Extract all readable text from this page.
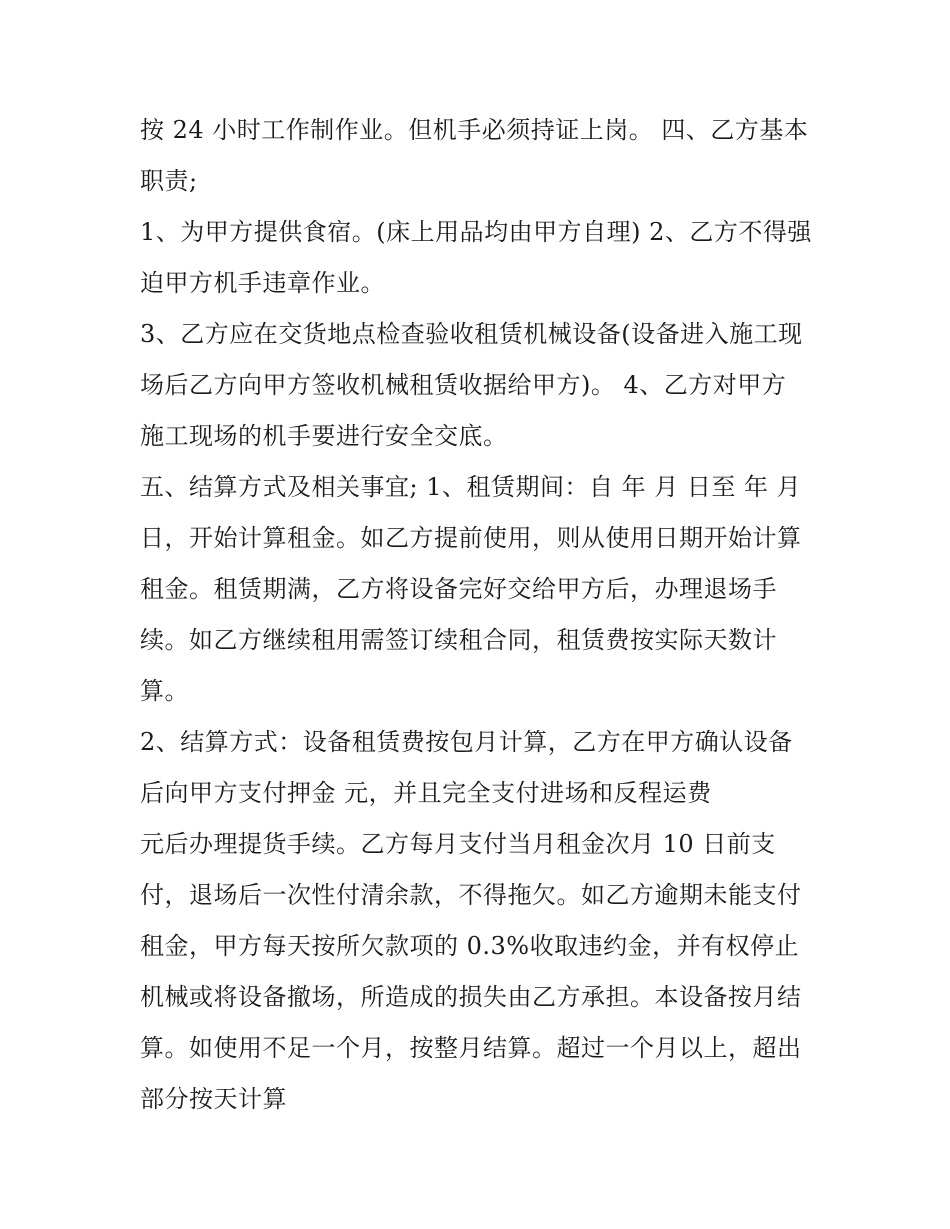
按 24 小时工作制作业。但机手必须持证上岗。 四、乙方基本
职责;
1、为甲方提供食宿。(床上用品均由甲方自理) 2、乙方不得强
迫甲方机手违章作业。
3、乙方应在交货地点检查验收租赁机械设备(设备进入施工现
场后乙方向甲方签收机械租赁收据给甲方)。 4、乙方对甲方
施工现场的机手要进行安全交底。
五、结算方式及相关事宜; 1、租赁期间：自 年 月 日至 年 月
日，开始计算租金。如乙方提前使用，则从使用日期开始计算
租金。租赁期满，乙方将设备完好交给甲方后，办理退场手
续。如乙方继续租用需签订续租合同，租赁费按实际天数计
算。
2、结算方式：设备租赁费按包月计算，乙方在甲方确认设备
后向甲方支付押金 元，并且完全支付进场和反程运费
元后办理提货手续。乙方每月支付当月租金次月 10 日前支
付，退场后一次性付清余款，不得拖欠。如乙方逾期未能支付
租金，甲方每天按所欠款项的 0.3%收取违约金，并有权停止
机械或将设备撤场，所造成的损失由乙方承担。本设备按月结
算。如使用不足一个月，按整月结算。超过一个月以上，超出
部分按天计算
